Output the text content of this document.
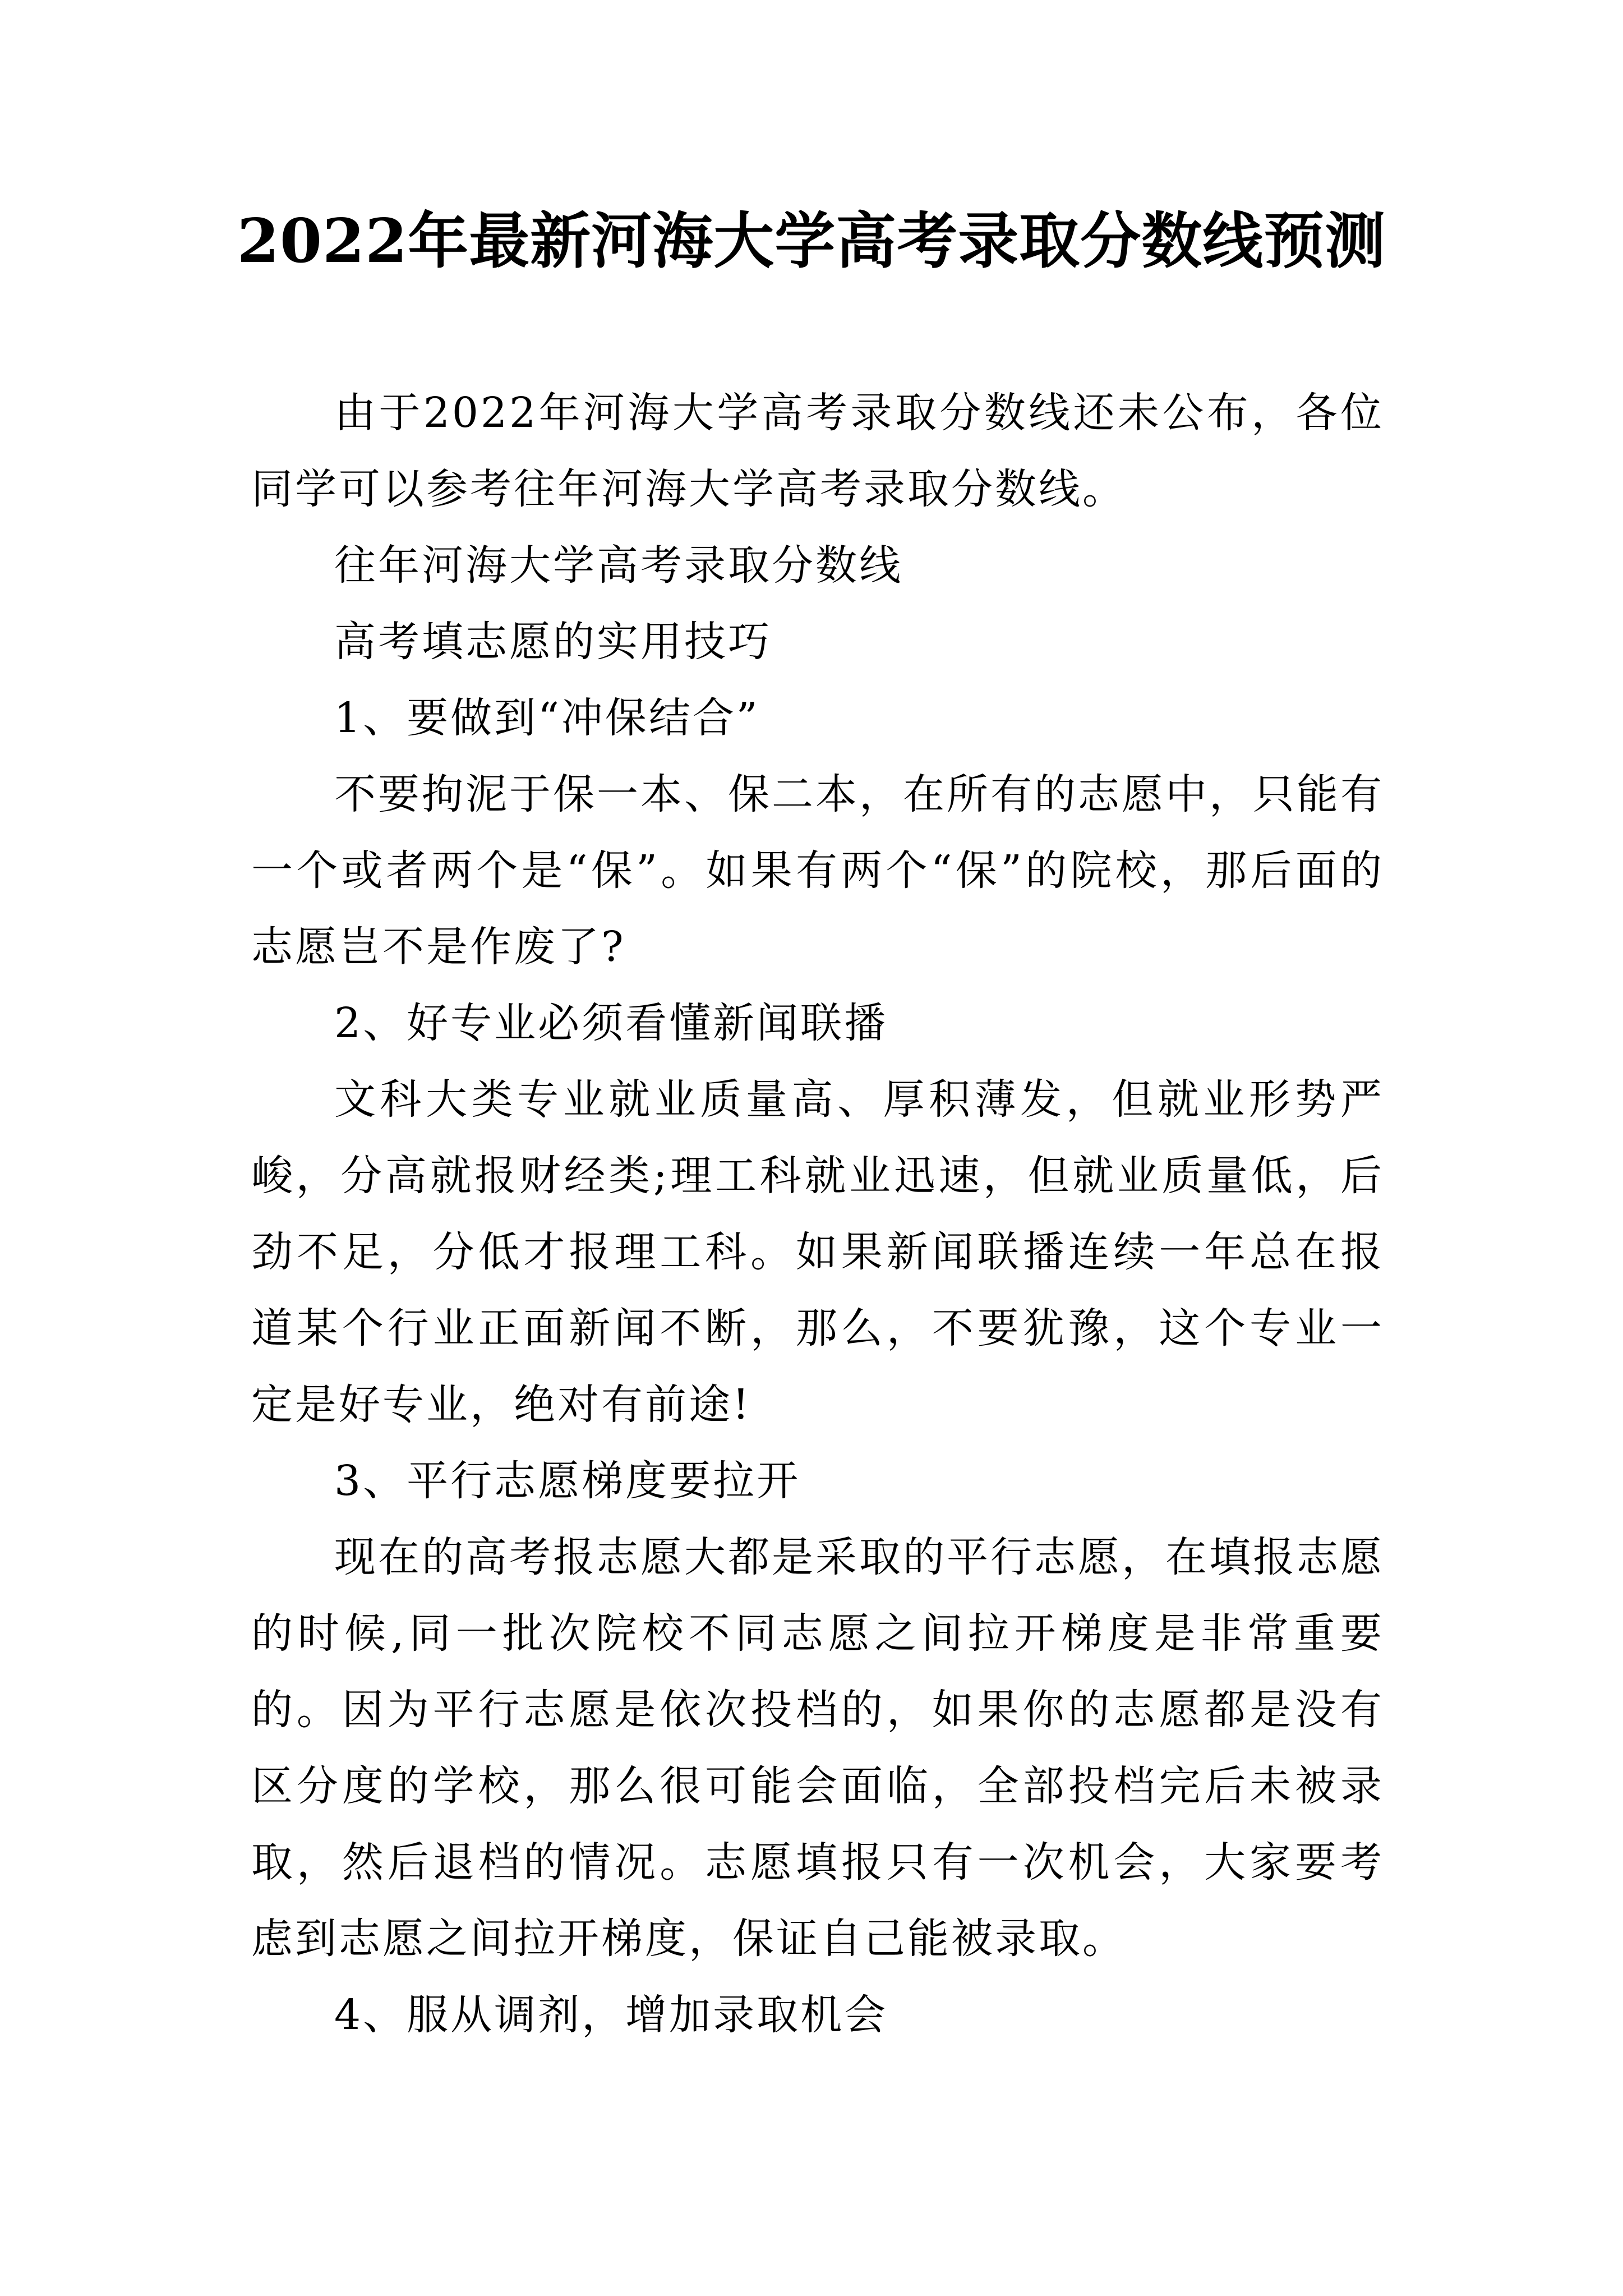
2022年最新河海大学高考录取分数线预测

由于2022年河海大学高考录取分数线还未公布，各位同学可以参考往年河海大学高考录取分数线。

往年河海大学高考录取分数线

高考填志愿的实用技巧

1、要做到“冲保结合”

不要拘泥于保一本、保二本，在所有的志愿中，只能有一个或者两个是“保”。如果有两个“保”的院校，那后面的志愿岂不是作废了?

2、好专业必须看懂新闻联播

文科大类专业就业质量高、厚积薄发，但就业形势严峻，分高就报财经类;理工科就业迅速，但就业质量低，后劲不足，分低才报理工科。如果新闻联播连续一年总在报道某个行业正面新闻不断，那么，不要犹豫，这个专业一定是好专业，绝对有前途!

3、平行志愿梯度要拉开

现在的高考报志愿大都是采取的平行志愿，在填报志愿的时候,同一批次院校不同志愿之间拉开梯度是非常重要的。因为平行志愿是依次投档的，如果你的志愿都是没有区分度的学校，那么很可能会面临，全部投档完后未被录取，然后退档的情况。志愿填报只有一次机会，大家要考虑到志愿之间拉开梯度，保证自己能被录取。

4、服从调剂，增加录取机会
